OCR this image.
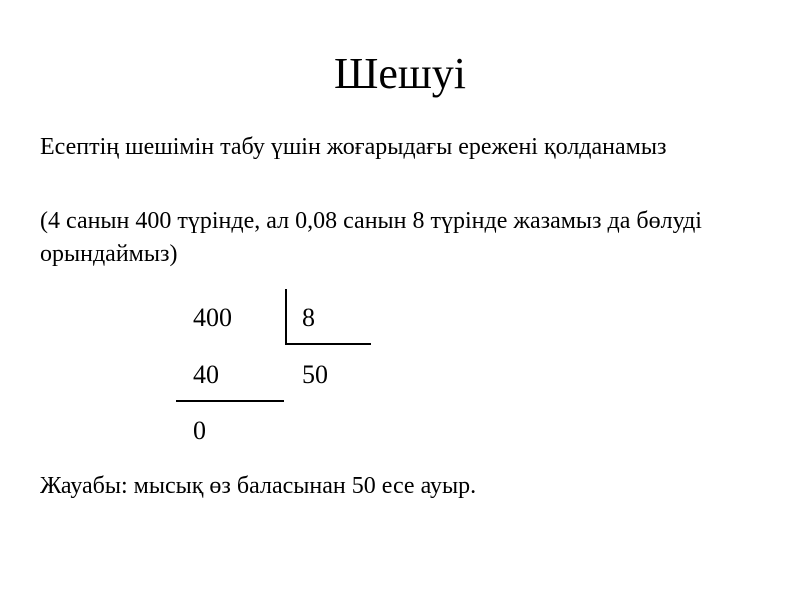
Шешуі
Есептің шешімін табу үшін жоғарыдағы ережені қолданамыз
(4 санын 400 түрінде, ал 0,08 санын 8 түрінде жазамыз да бөлуді орындаймыз)
400	8
40	50
0
Жауабы: мысық өз баласынан 50 есе ауыр.
